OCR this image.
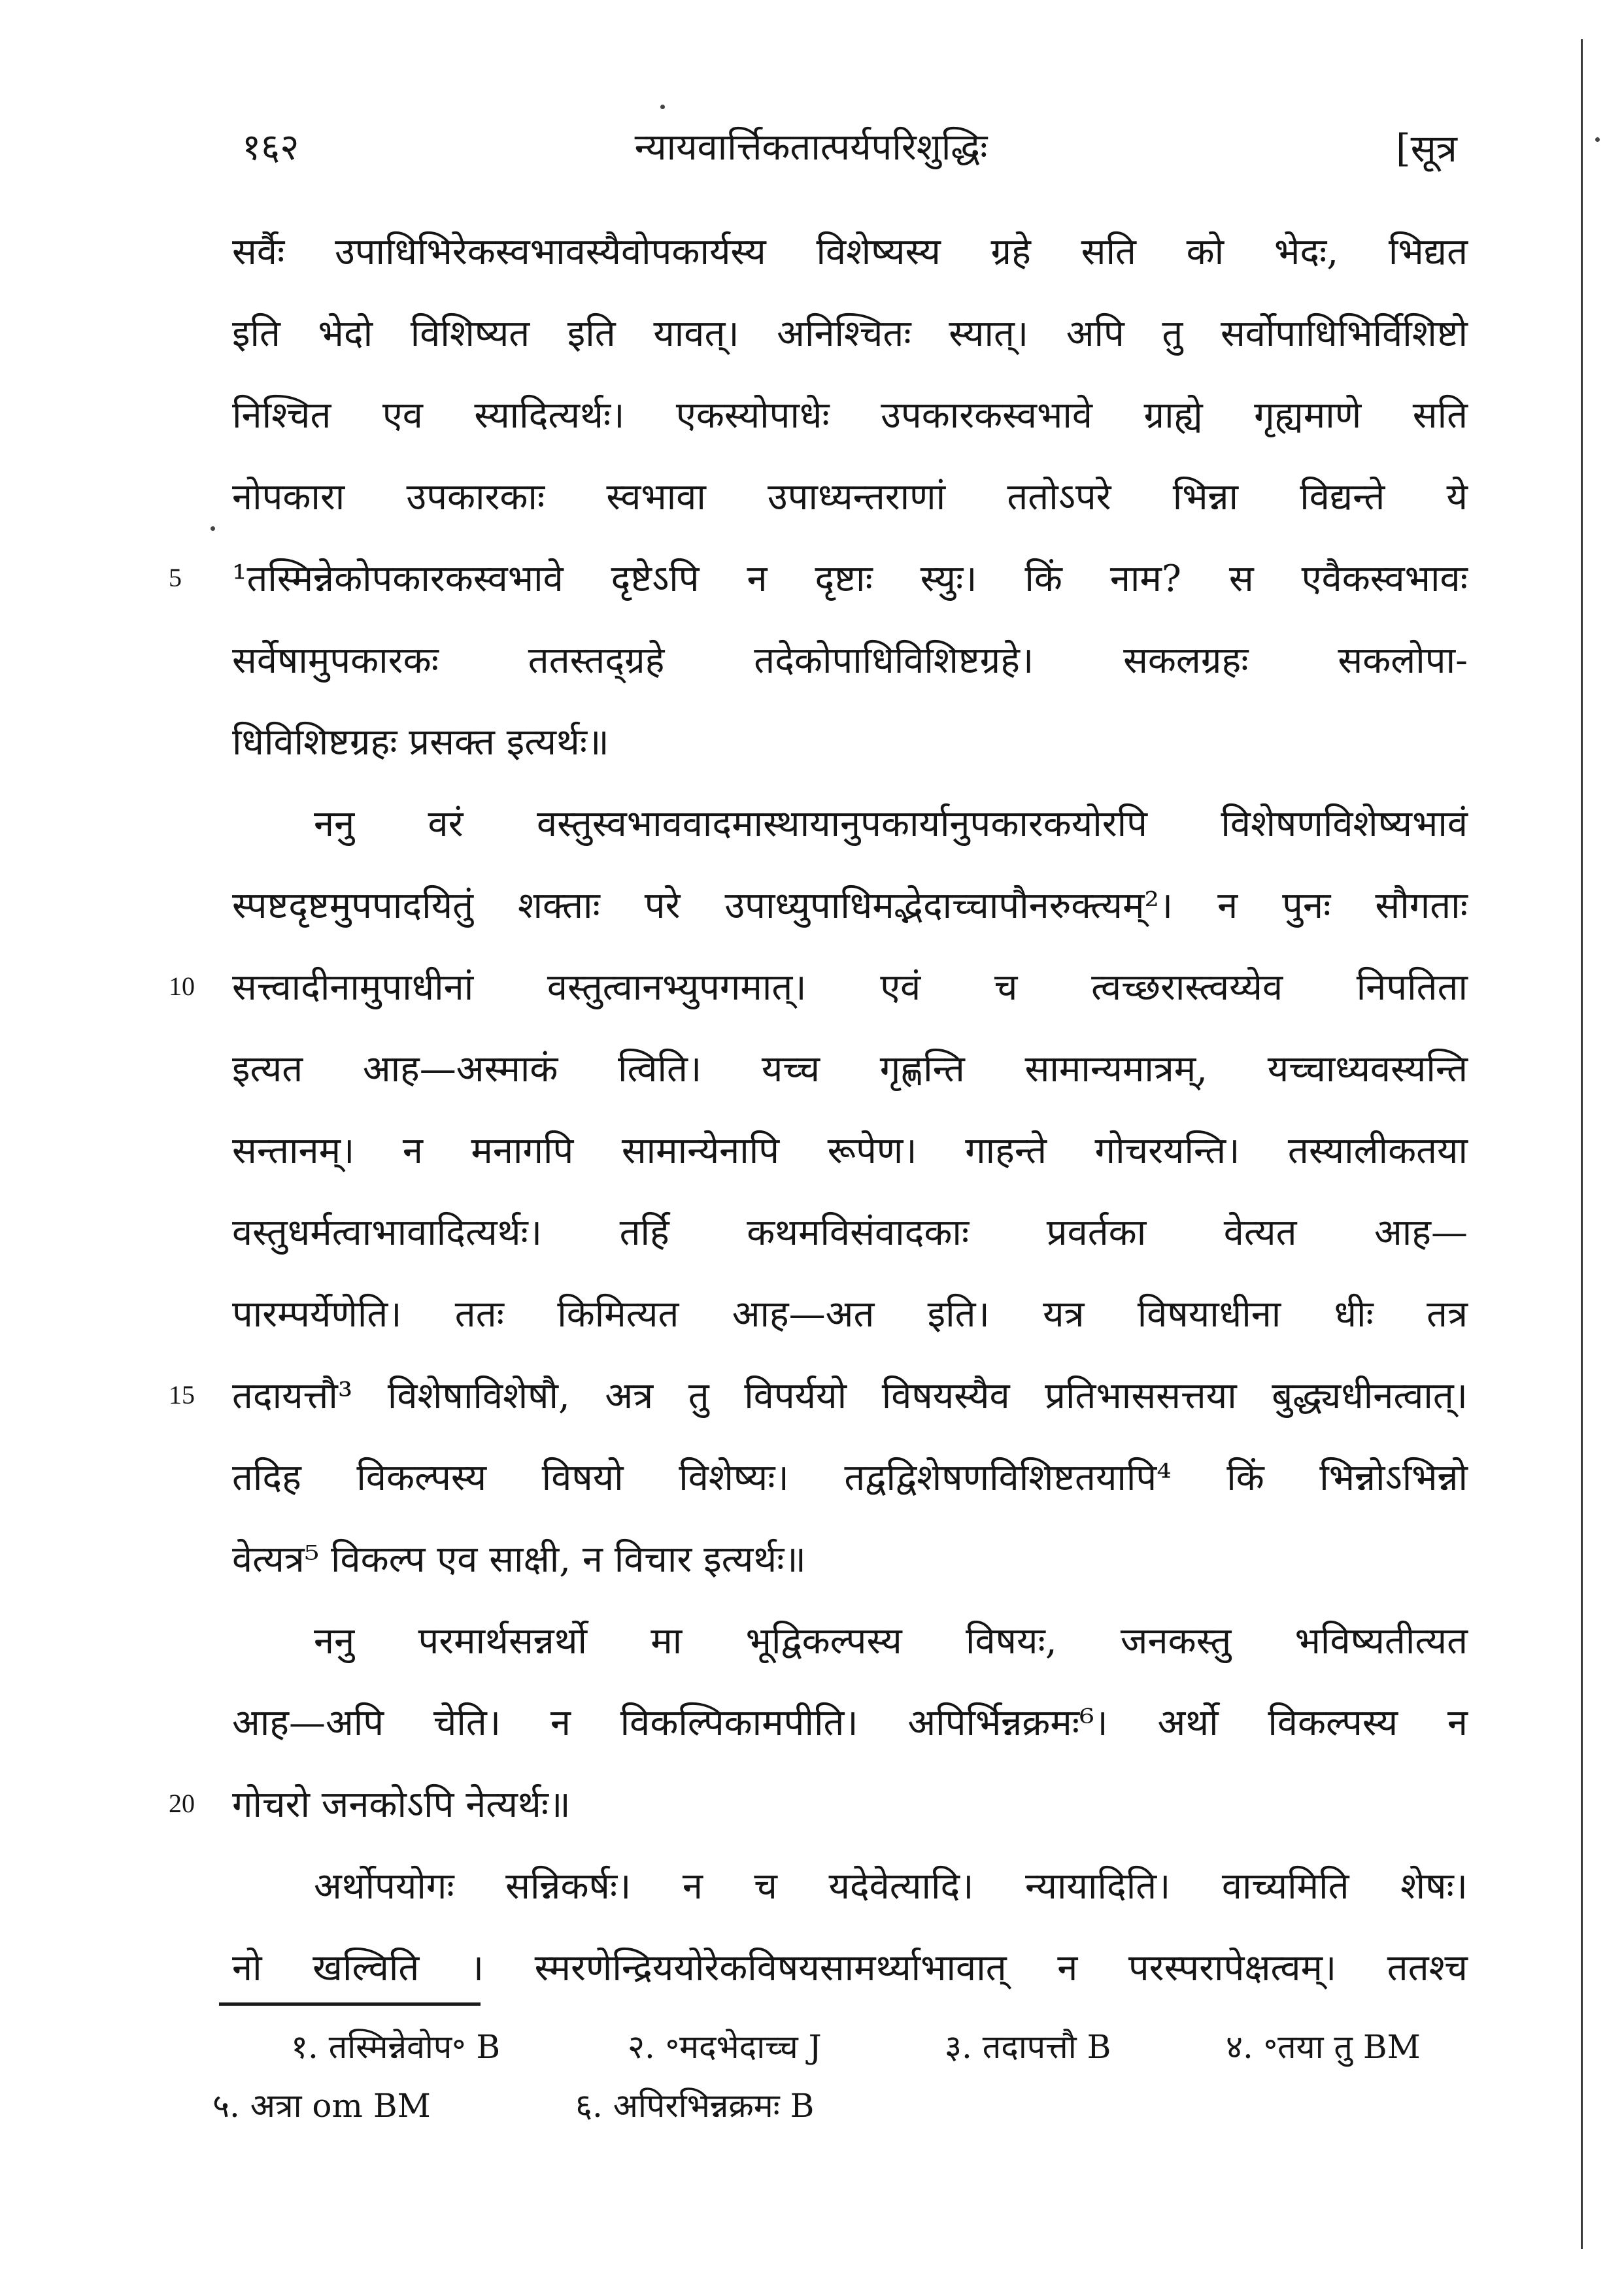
१६२	न्यायवार्त्तिकतात्पर्यपरिशुद्धिः	[सूत्र
सर्वैः उपाधिभिरेकस्वभावस्यैवोपकार्यस्य विशेष्यस्य ग्रहे सति को भेदः, भिद्यत
इति भेदो विशिष्यत इति यावत्। अनिश्चितः स्यात्। अपि तु सर्वोपाधिभिर्विशिष्टो
निश्चित एव स्यादित्यर्थः। एकस्योपाधेः उपकारकस्वभावे ग्राह्ये गृह्यमाणे सति
नोपकारा उपकारकाः स्वभावा उपाध्यन्तराणां ततोऽपरे भिन्ना विद्यन्ते ये
¹तस्मिन्नेकोपकारकस्वभावे दृष्टेऽपि न दृष्टाः स्युः। किं नाम? स एवैकस्वभावः
सर्वेषामुपकारकः ततस्तद्ग्रहे तदेकोपाधिविशिष्टग्रहे। सकलग्रहः सकलोपा-
धिविशिष्टग्रहः प्रसक्त इत्यर्थः॥
ननु वरं वस्तुस्वभाववादमास्थायानुपकार्यानुपकारकयोरपि विशेषणविशेष्यभावं
स्पष्टदृष्टमुपपादयितुं शक्ताः परे उपाध्युपाधिमद्भेदाच्चापौनरुक्त्यम्²। न पुनः सौगताः
सत्त्वादीनामुपाधीनां वस्तुत्वानभ्युपगमात्। एवं च त्वच्छरास्त्वय्येव निपतिता
इत्यत आह—अस्माकं त्विति। यच्च गृह्णन्ति सामान्यमात्रम्, यच्चाध्यवस्यन्ति
सन्तानम्। न मनागपि सामान्येनापि रूपेण। गाहन्ते गोचरयन्ति। तस्यालीकतया
वस्तुधर्मत्वाभावादित्यर्थः। तर्हि कथमविसंवादकाः प्रवर्तका वेत्यत आह—
पारम्पर्येणेति। ततः किमित्यत आह—अत इति। यत्र विषयाधीना धीः तत्र
तदायत्तौ³ विशेषाविशेषौ, अत्र तु विपर्ययो विषयस्यैव प्रतिभाससत्तया बुद्ध्यधीनत्वात्।
तदिह विकल्पस्य विषयो विशेष्यः। तद्वद्विशेषणविशिष्टतयापि⁴ किं भिन्नोऽभिन्नो
वेत्यत्र⁵ विकल्प एव साक्षी, न विचार इत्यर्थः॥
ननु परमार्थसन्नर्थो मा भूद्विकल्पस्य विषयः, जनकस्तु भविष्यतीत्यत
आह—अपि चेति। न विकल्पिकामपीति। अपिर्भिन्नक्रमः⁶। अर्थो विकल्पस्य न
गोचरो जनकोऽपि नेत्यर्थः॥
अर्थोपयोगः सन्निकर्षः। न च यदेवेत्यादि। न्यायादिति। वाच्यमिति शेषः।
नो खल्विति । स्मरणेन्द्रिययोरेकविषयसामर्थ्याभावात् न परस्परापेक्षत्वम्। ततश्च
5
10
15
20
१. तस्मिन्नेवोप॰ B	२. ॰मदभेदाच्च J	३. तदापत्तौ B	४. ॰तया तु BM
५. अत्रा om BM	६. अपिरभिन्नक्रमः B
